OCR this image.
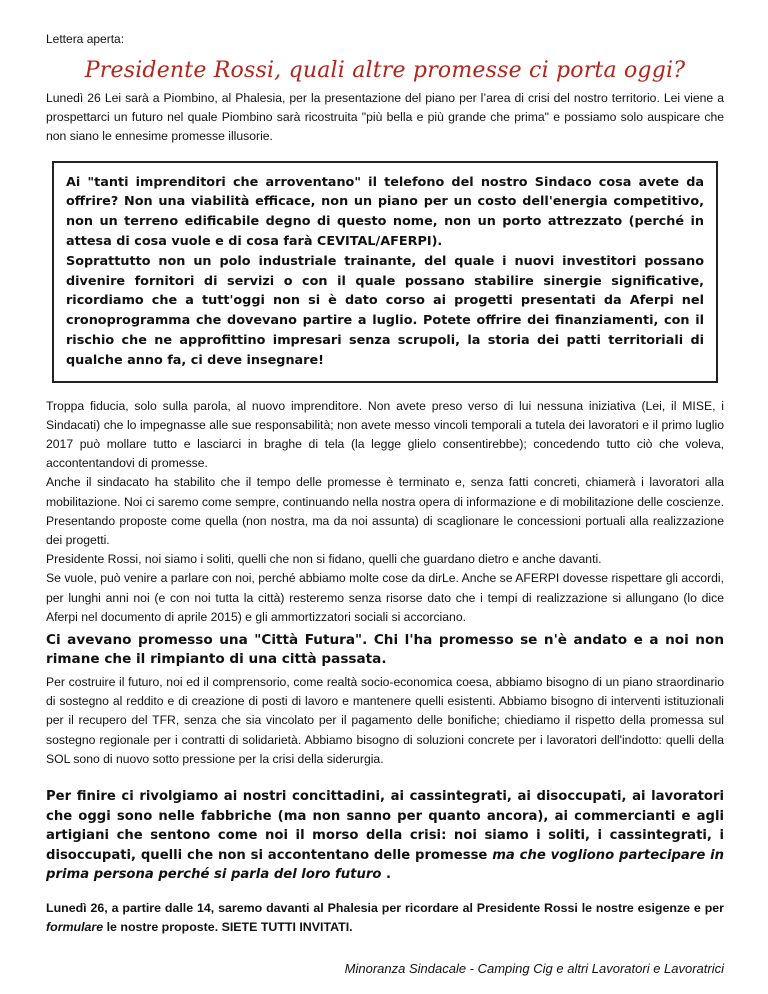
Lettera aperta:
Presidente Rossi, quali altre promesse ci porta oggi?

Lunedì 26 Lei sarà a Piombino, al Phalesia, per la presentazione del piano per l’area di crisi del nostro territorio. Lei viene a prospettarci un futuro nel quale Piombino sarà ricostruita "più bella e più grande che prima" e possiamo solo auspicare che non siano le ennesime promesse illusorie.

Ai "tanti imprenditori che arroventano" il telefono del nostro Sindaco cosa avete da offrire? Non una viabilità efficace, non un piano per un costo dell'energia competitivo, non un terreno edificabile degno di questo nome, non un porto attrezzato (perché in attesa di cosa vuole e di cosa farà CEVITAL/AFERPI).

Soprattutto non un polo industriale trainante, del quale i nuovi investitori possano divenire fornitori di servizi o con il quale possano stabilire sinergie significative, ricordiamo che a tutt'oggi non si è dato corso ai progetti presentati da Aferpi nel cronoprogramma che dovevano partire a luglio. Potete offrire dei finanziamenti, con il rischio che ne approfittino impresari senza scrupoli, la storia dei patti territoriali di qualche anno fa, ci deve insegnare!

Troppa fiducia, solo sulla parola, al nuovo imprenditore. Non avete preso verso di lui nessuna iniziativa (Lei, il MISE, i Sindacati) che lo impegnasse alle sue responsabilità; non avete messo vincoli temporali a tutela dei lavoratori e il primo luglio 2017 può mollare tutto e lasciarci in braghe di tela (la legge glielo consentirebbe); concedendo tutto ciò che voleva, accontentandovi di promesse.

Anche il sindacato ha stabilito che il tempo delle promesse è terminato e, senza fatti concreti, chiamerà i lavoratori alla mobilitazione. Noi ci saremo come sempre, continuando nella nostra opera di informazione e di mobilitazione delle coscienze. Presentando proposte come quella (non nostra, ma da noi assunta) di scaglionare le concessioni portuali alla realizzazione dei progetti.

Presidente Rossi, noi siamo i soliti, quelli che non si fidano, quelli che guardano dietro e anche davanti.

Se vuole, può venire a parlare con noi, perché abbiamo molte cose da dirLe. Anche se AFERPI dovesse rispettare gli accordi, per lunghi anni noi (e con noi tutta la città) resteremo senza risorse dato che i tempi di realizzazione si allungano (lo dice Aferpi nel documento di aprile 2015) e gli ammortizzatori sociali si accorciano.

Ci avevano promesso una "Città Futura". Chi l'ha promesso se n'è andato e a noi non rimane che il rimpianto di una città passata.

Per costruire il futuro, noi ed il comprensorio, come realtà socio-economica coesa, abbiamo bisogno di un piano straordinario di sostegno al reddito e di creazione di posti di lavoro e mantenere quelli esistenti. Abbiamo bisogno di interventi istituzionali per il recupero del TFR, senza che sia vincolato per il pagamento delle bonifiche; chiediamo il rispetto della promessa sul sostegno regionale per i contratti di solidarietà. Abbiamo bisogno di soluzioni concrete per i lavoratori dell'indotto: quelli della SOL sono di nuovo sotto pressione per la crisi della siderurgia.

Per finire ci rivolgiamo ai nostri concittadini, ai cassintegrati, ai disoccupati, ai lavoratori che oggi sono nelle fabbriche (ma non sanno per quanto ancora), ai commercianti e agli artigiani che sentono come noi il morso della crisi: noi siamo i soliti, i cassintegrati, i disoccupati, quelli che non si accontentano delle promesse ma che vogliono partecipare in prima persona perché si parla del loro futuro .

Lunedì 26, a partire dalle 14, saremo davanti al Phalesia per ricordare al Presidente Rossi le nostre esigenze e per formulare le nostre proposte. SIETE TUTTI INVITATI.

Minoranza Sindacale - Camping Cig e altri Lavoratori e Lavoratrici
